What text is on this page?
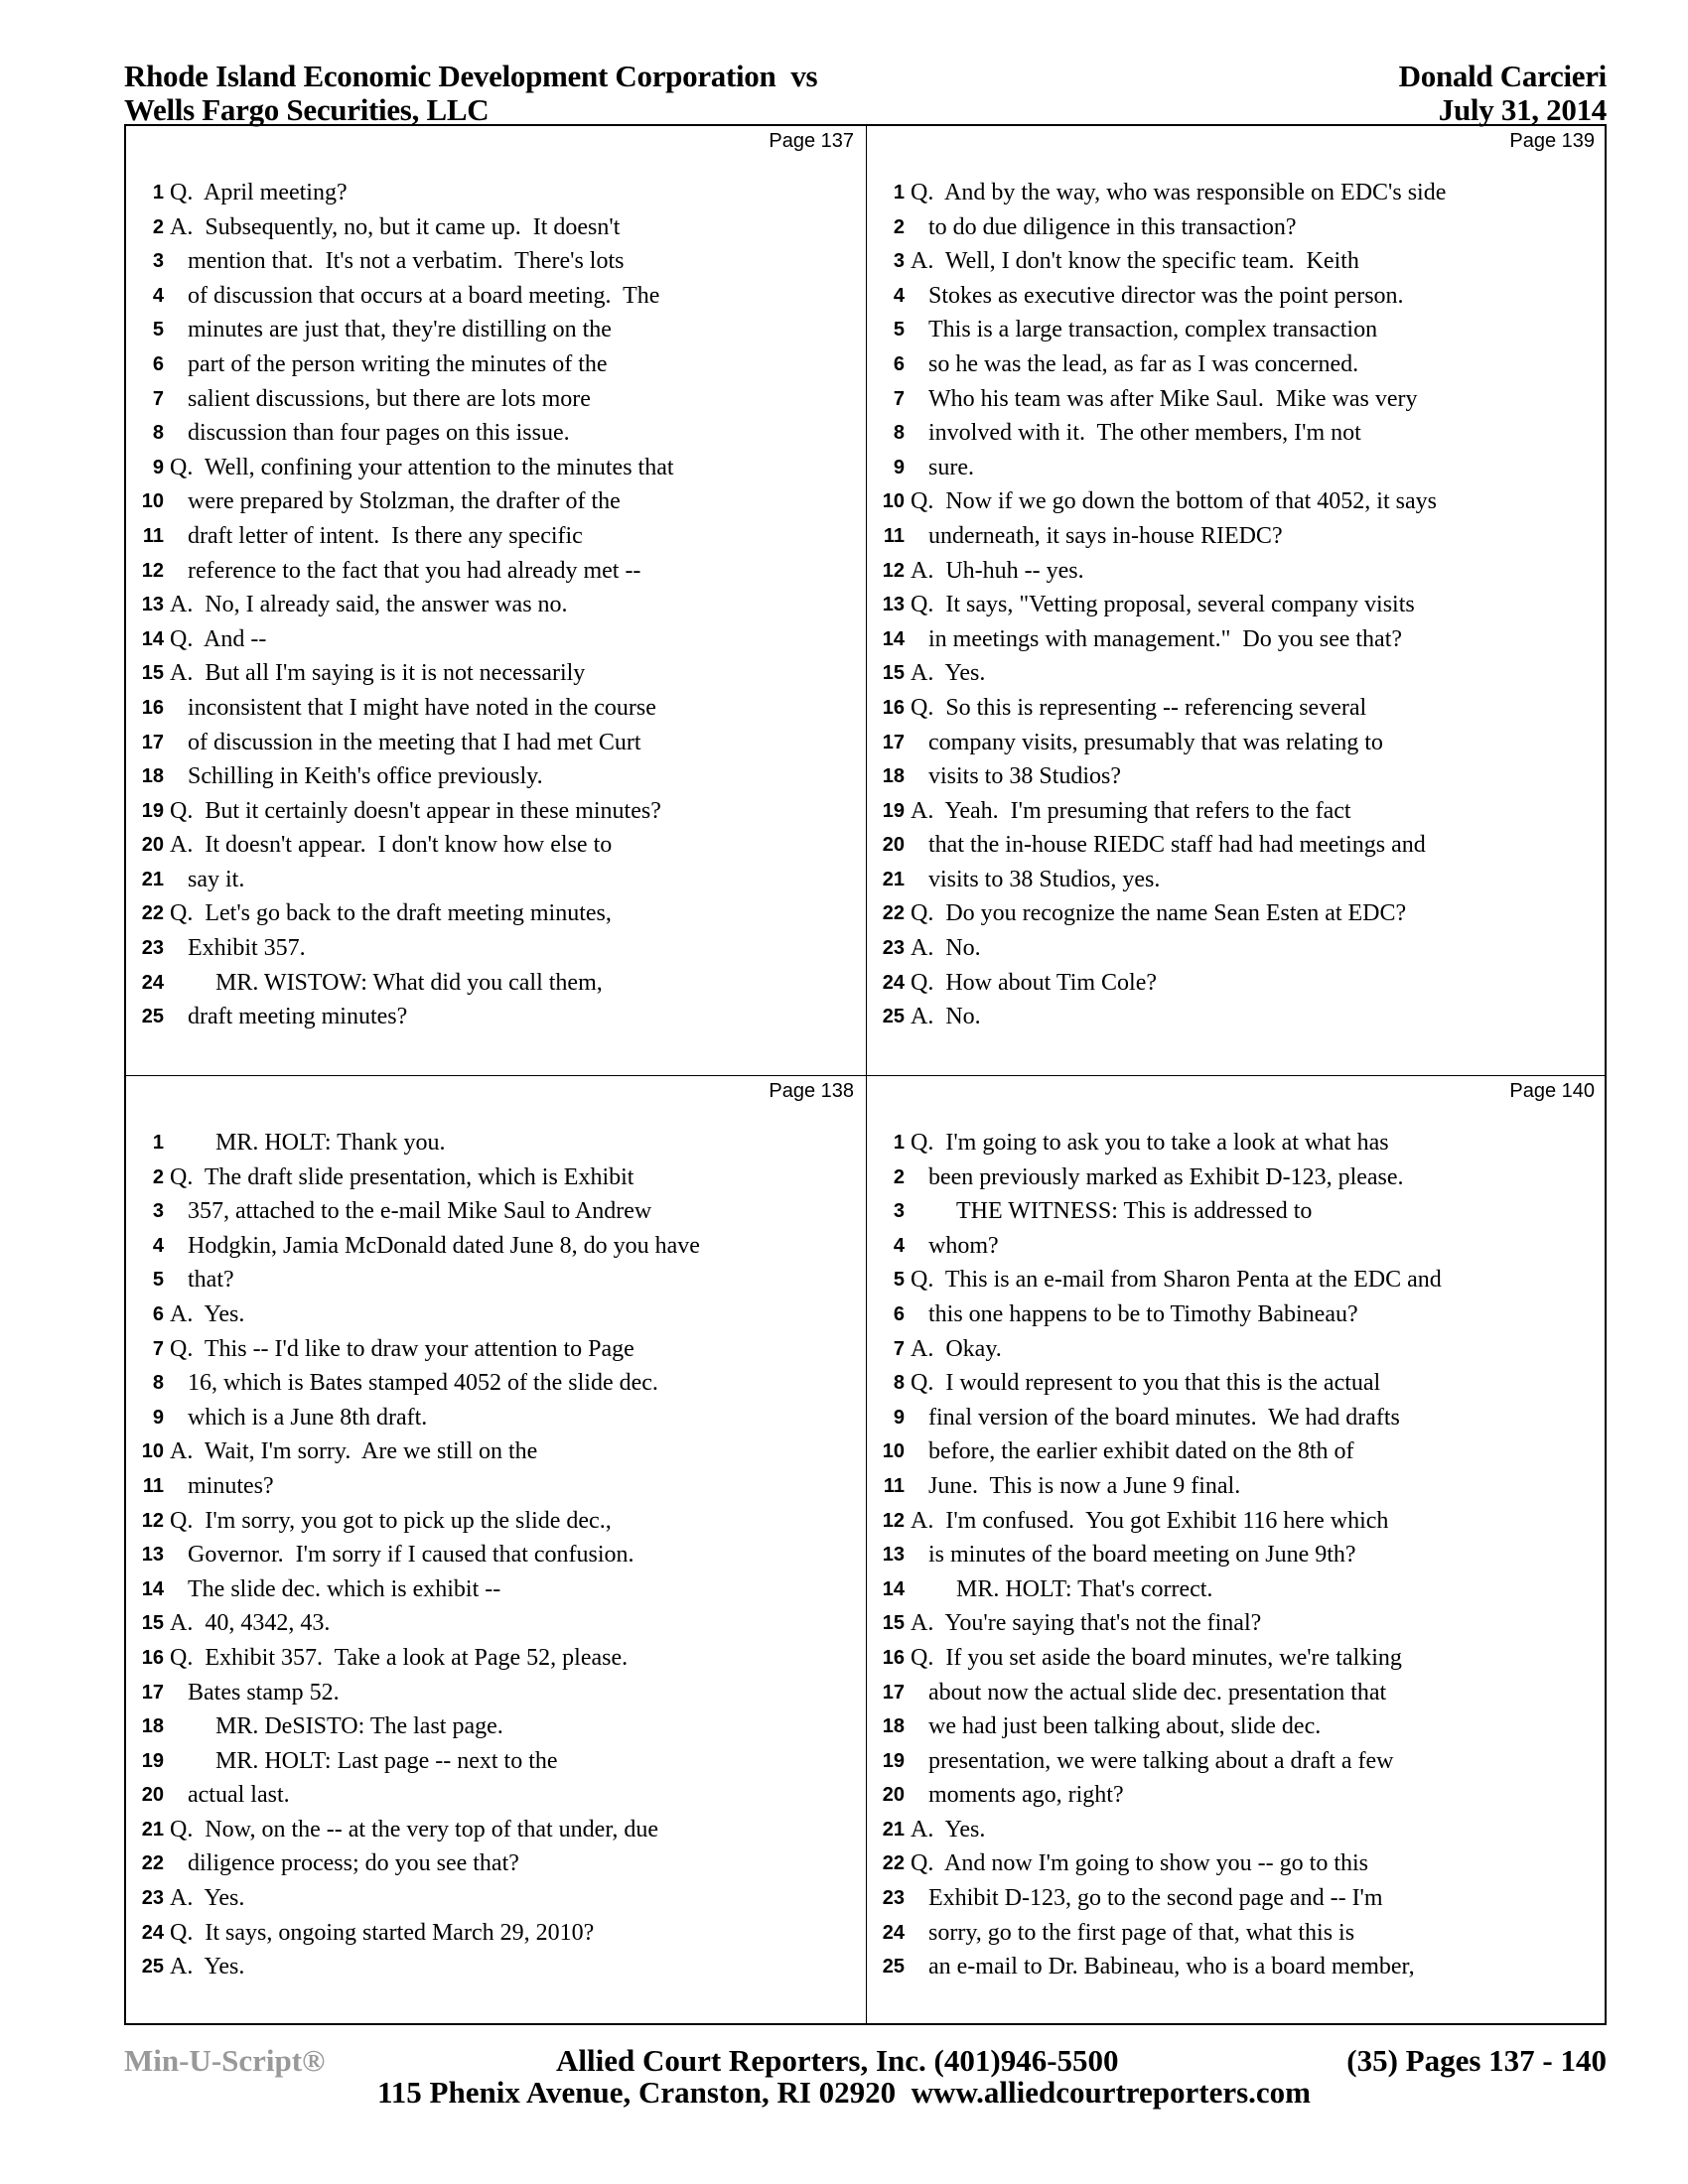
Rhode Island Economic Development Corporation  vs
Wells Fargo Securities, LLC
Donald Carcieri
July 31, 2014
Page 137
1 Q.  April meeting?
2 A.  Subsequently, no, but it came up.  It doesn't
3 mention that.  It's not a verbatim.  There's lots
4 of discussion that occurs at a board meeting.  The
5 minutes are just that, they're distilling on the
6 part of the person writing the minutes of the
7 salient discussions, but there are lots more
8 discussion than four pages on this issue.
9 Q.  Well, confining your attention to the minutes that
10 were prepared by Stolzman, the drafter of the
11 draft letter of intent.  Is there any specific
12 reference to the fact that you had already met --
13 A.  No, I already said, the answer was no.
14 Q.  And --
15 A.  But all I'm saying is it is not necessarily
16 inconsistent that I might have noted in the course
17 of discussion in the meeting that I had met Curt
18 Schilling in Keith's office previously.
19 Q.  But it certainly doesn't appear in these minutes?
20 A.  It doesn't appear.  I don't know how else to
21 say it.
22 Q.  Let's go back to the draft meeting minutes,
23 Exhibit 357.
24 MR. WISTOW: What did you call them,
25 draft meeting minutes?
Page 139
1 Q.  And by the way, who was responsible on EDC's side
2 to do due diligence in this transaction?
3 A.  Well, I don't know the specific team.  Keith
4 Stokes as executive director was the point person.
5 This is a large transaction, complex transaction
6 so he was the lead, as far as I was concerned.
7 Who his team was after Mike Saul.  Mike was very
8 involved with it.  The other members, I'm not
9 sure.
10 Q.  Now if we go down the bottom of that 4052, it says
11 underneath, it says in-house RIEDC?
12 A.  Uh-huh -- yes.
13 Q.  It says, "Vetting proposal, several company visits
14 in meetings with management."  Do you see that?
15 A.  Yes.
16 Q.  So this is representing -- referencing several
17 company visits, presumably that was relating to
18 visits to 38 Studios?
19 A.  Yeah.  I'm presuming that refers to the fact
20 that the in-house RIEDC staff had had meetings and
21 visits to 38 Studios, yes.
22 Q.  Do you recognize the name Sean Esten at EDC?
23 A.  No.
24 Q.  How about Tim Cole?
25 A.  No.
Page 138
1 MR. HOLT: Thank you.
2 Q.  The draft slide presentation, which is Exhibit
3 357, attached to the e-mail Mike Saul to Andrew
4 Hodgkin, Jamia McDonald dated June 8, do you have
5 that?
6 A.  Yes.
7 Q.  This -- I'd like to draw your attention to Page
8 16, which is Bates stamped 4052 of the slide dec.
9 which is a June 8th draft.
10 A.  Wait, I'm sorry.  Are we still on the
11 minutes?
12 Q.  I'm sorry, you got to pick up the slide dec.,
13 Governor.  I'm sorry if I caused that confusion.
14 The slide dec. which is exhibit --
15 A.  40, 4342, 43.
16 Q.  Exhibit 357.  Take a look at Page 52, please.
17 Bates stamp 52.
18 MR. DeSISTO: The last page.
19 MR. HOLT: Last page -- next to the
20 actual last.
21 Q.  Now, on the -- at the very top of that under, due
22 diligence process; do you see that?
23 A.  Yes.
24 Q.  It says, ongoing started March 29, 2010?
25 A.  Yes.
Page 140
1 Q.  I'm going to ask you to take a look at what has
2 been previously marked as Exhibit D-123, please.
3 THE WITNESS: This is addressed to
4 whom?
5 Q.  This is an e-mail from Sharon Penta at the EDC and
6 this one happens to be to Timothy Babineau?
7 A.  Okay.
8 Q.  I would represent to you that this is the actual
9 final version of the board minutes.  We had drafts
10 before, the earlier exhibit dated on the 8th of
11 June.  This is now a June 9 final.
12 A.  I'm confused.  You got Exhibit 116 here which
13 is minutes of the board meeting on June 9th?
14 MR. HOLT: That's correct.
15 A.  You're saying that's not the final?
16 Q.  If you set aside the board minutes, we're talking
17 about now the actual slide dec. presentation that
18 we had just been talking about, slide dec.
19 presentation, we were talking about a draft a few
20 moments ago, right?
21 A.  Yes.
22 Q.  And now I'm going to show you -- go to this
23 Exhibit D-123, go to the second page and -- I'm
24 sorry, go to the first page of that, what this is
25 an e-mail to Dr. Babineau, who is a board member,
Min-U-Script®	Allied Court Reporters, Inc. (401)946-5500	(35) Pages 137 - 140
115 Phenix Avenue, Cranston, RI 02920  www.alliedcourtreporters.com
